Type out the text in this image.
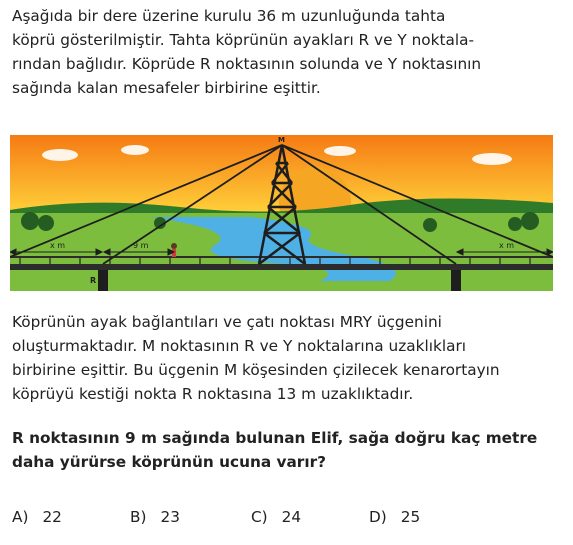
Aşağıda bir dere üzerine kurulu 36 m uzunluğunda tahta
köprü gösterilmiştir. Tahta köprünün ayakları R ve Y noktala-
rından bağlıdır. Köprüde R noktasının solunda ve Y noktasının
sağında kalan mesafeler birbirine eşittir.
x m	9 m	x m
M
R
Köprünün ayak bağlantıları ve çatı noktası MRY üçgenini
oluşturmaktadır. M noktasının R ve Y noktalarına uzaklıkları
birbirine eşittir. Bu üçgenin M köşesinden çizilecek kenarortayın
köprüyü kestiği nokta R noktasına 13 m uzaklıktadır.
R noktasının 9 m sağında bulunan Elif, sağa doğru kaç metre
daha yürürse köprünün ucuna varır?
A) 22	B) 23	C) 24	D) 25
